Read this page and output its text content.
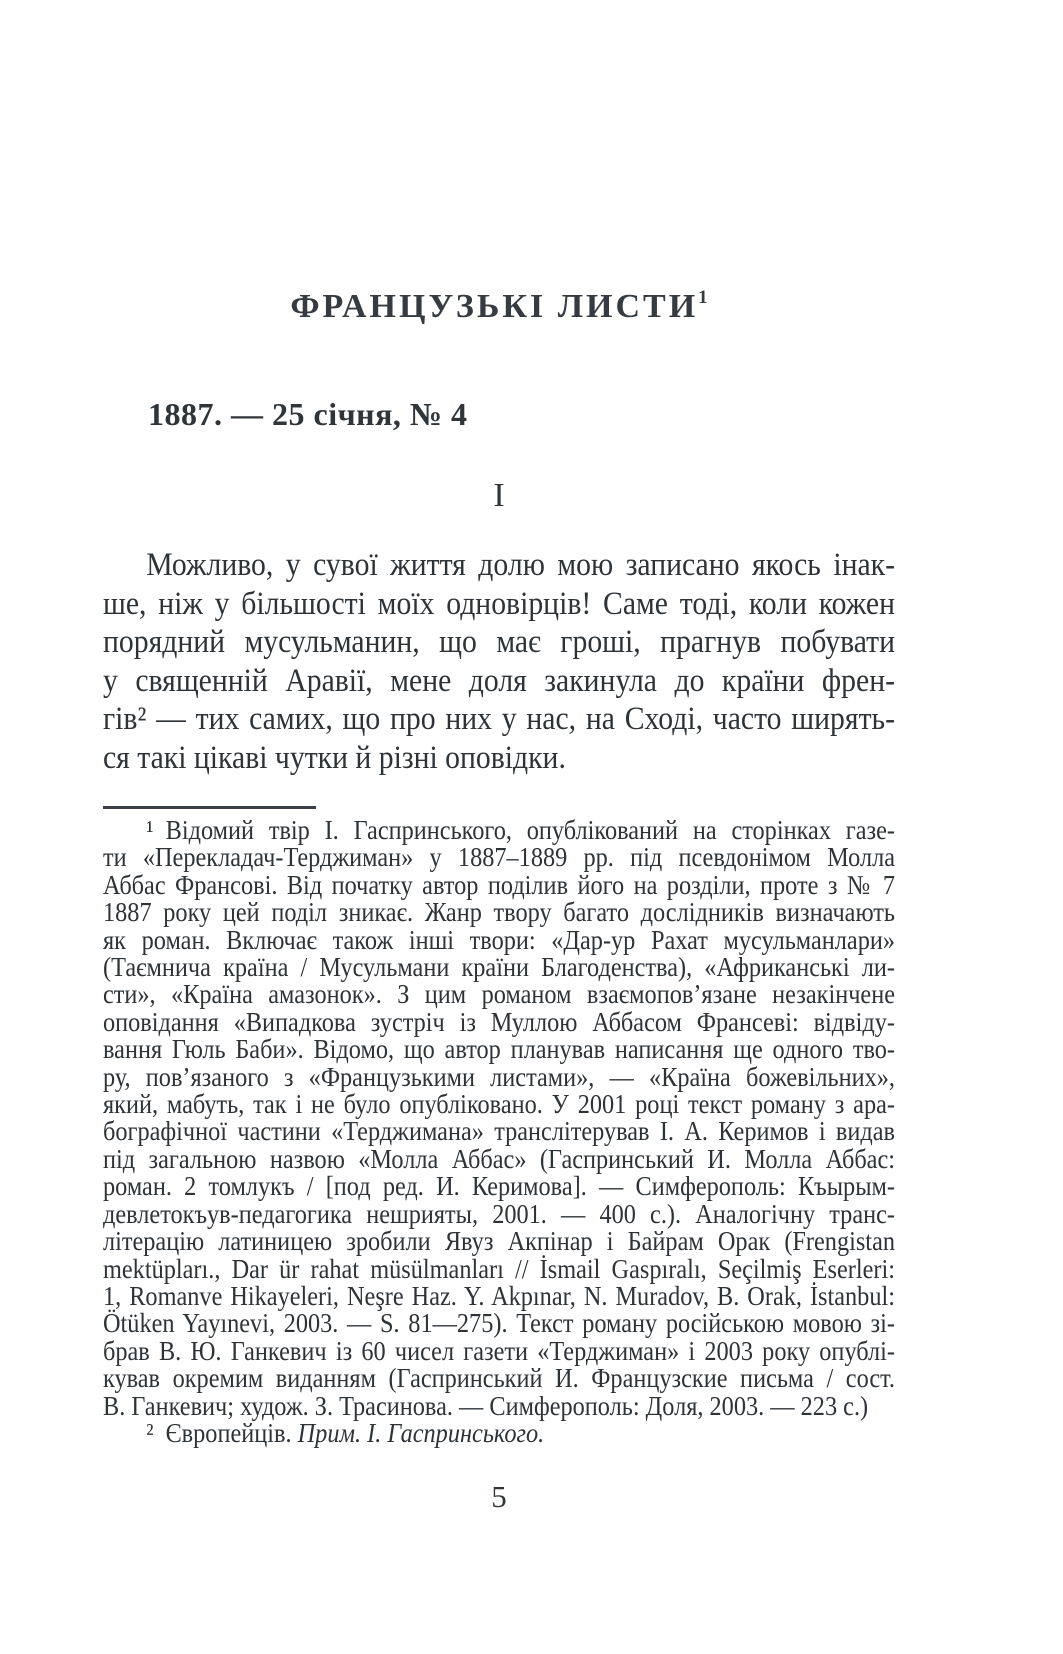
ФРАНЦУЗЬКІ ЛИСТИ$^1$
1887. — 25 січня, № 4
I
Можливо, у сувої життя долю мою записано якось інак-
ше, ніж у більшості моїх одновірців! Саме тоді, коли кожен
порядний мусульманин, що має гроші, прагнув побувати
у священній Аравії, мене доля закинула до країни френ-
гів² — тих самих, що про них у нас, на Сході, часто ширять-
ся такі цікаві чутки й різні оповідки.
¹ Відомий твір І. Гаспринського, опублікований на сторінках газе-
ти «Перекладач-Терджиман» у 1887–1889 рр. під псевдонімом Молла
Аббас Франсові. Від початку автор поділив його на розділи, проте з № 7
1887 року цей поділ зникає. Жанр твору багато дослідників визначають
як роман. Включає також інші твори: «Дар-ур Рахат мусульманлари»
(Таємнича країна / Мусульмани країни Благоденства), «Африканські ли-
сти», «Країна амазонок». З цим романом взаємопов’язане незакінчене
оповідання «Випадкова зустріч із Муллою Аббасом Франсеві: відвіду-
вання Гюль Баби». Відомо, що автор планував написання ще одного тво-
ру, пов’язаного з «Французькими листами», — «Країна божевільних»,
який, мабуть, так і не було опубліковано. У 2001 році текст роману з ара-
бографічної частини «Терджимана» транслітерував І. А. Керимов і видав
під загальною назвою «Молла Аббас» (Гаспринський И. Молла Аббас:
роман. 2 томлукъ / [под ред. И. Керимова]. — Симферополь: Къырым-
девлетокъув-педагогика нешрияты, 2001. — 400 с.). Аналогічну транс-
літерацію латиницею зробили Явуз Акпінар і Байрам Орак (Frengistan
mektüpları., Dar ür rahat müsülmanları // İsmail Gaspıralı, Seçilmiş Eserleri:
1, Romanve Hikayeleri, Neşre Haz. Y. Akpınar, N. Muradov, B. Orak, İstanbul:
Ötüken Yayınevi, 2003. — S. 81—275). Текст роману російською мовою зі-
брав В. Ю. Ганкевич із 60 чисел газети «Терджиман» і 2003 року опублі-
кував окремим виданням (Гаспринський И. Французские письма / сост.
В. Ганкевич; худож. З. Трасинова. — Симферополь: Доля, 2003. — 223 с.)
² Європейців. Прим. І. Гаспринського.
5
